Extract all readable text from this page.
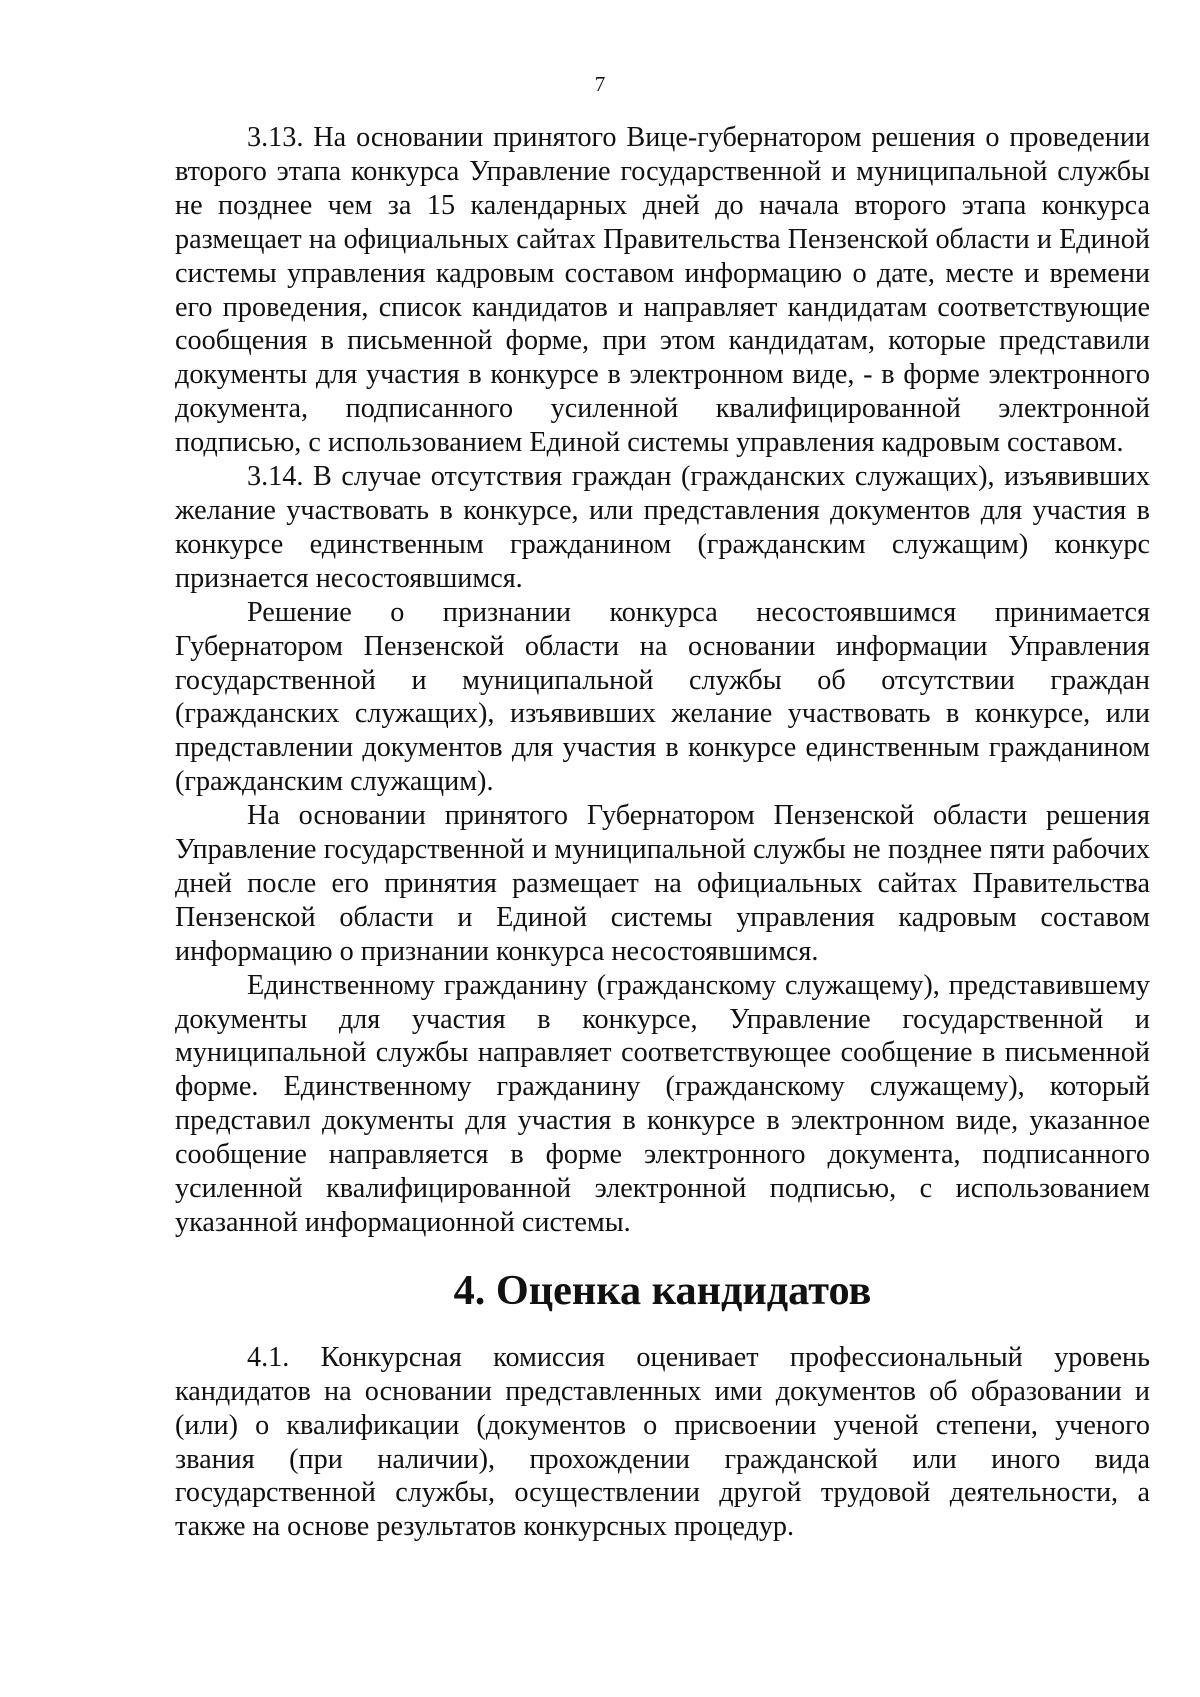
7

3.13. На основании принятого Вице-губернатором решения о проведении второго этапа конкурса Управление государственной и муниципальной службы не позднее чем за 15 календарных дней до начала второго этапа конкурса размещает на официальных сайтах Правительства Пензенской области и Единой системы управления кадровым составом информацию о дате, месте и времени его проведения, список кандидатов и направляет кандидатам соответствующие сообщения в письменной форме, при этом кандидатам, которые представили документы для участия в конкурсе в электронном виде, - в форме электронного документа, подписанного усиленной квалифицированной электронной подписью, с использованием Единой системы управления кадровым составом.

3.14. В случае отсутствия граждан (гражданских служащих), изъявивших желание участвовать в конкурсе, или представления документов для участия в конкурсе единственным гражданином (гражданским служащим) конкурс признается несостоявшимся.

Решение о признании конкурса несостоявшимся принимается Губернатором Пензенской области на основании информации Управления государственной и муниципальной службы об отсутствии граждан (гражданских служащих), изъявивших желание участвовать в конкурсе, или представлении документов для участия в конкурсе единственным гражданином (гражданским служащим).

На основании принятого Губернатором Пензенской области решения Управление государственной и муниципальной службы не позднее пяти рабочих дней после его принятия размещает на официальных сайтах Правительства Пензенской области и Единой системы управления кадровым составом информацию о признании конкурса несостоявшимся.

Единственному гражданину (гражданскому служащему), представившему документы для участия в конкурсе, Управление государственной и муниципальной службы направляет соответствующее сообщение в письменной форме. Единственному гражданину (гражданскому служащему), который представил документы для участия в конкурсе в электронном виде, указанное сообщение направляется в форме электронного документа, подписанного усиленной квалифицированной электронной подписью, с использованием указанной информационной системы.

4. Оценка кандидатов

4.1. Конкурсная комиссия оценивает профессиональный уровень кандидатов на основании представленных ими документов об образовании и (или) о квалификации (документов о присвоении ученой степени, ученого звания (при наличии), прохождении гражданской или иного вида государственной службы, осуществлении другой трудовой деятельности, а также на основе результатов конкурсных процедур.
